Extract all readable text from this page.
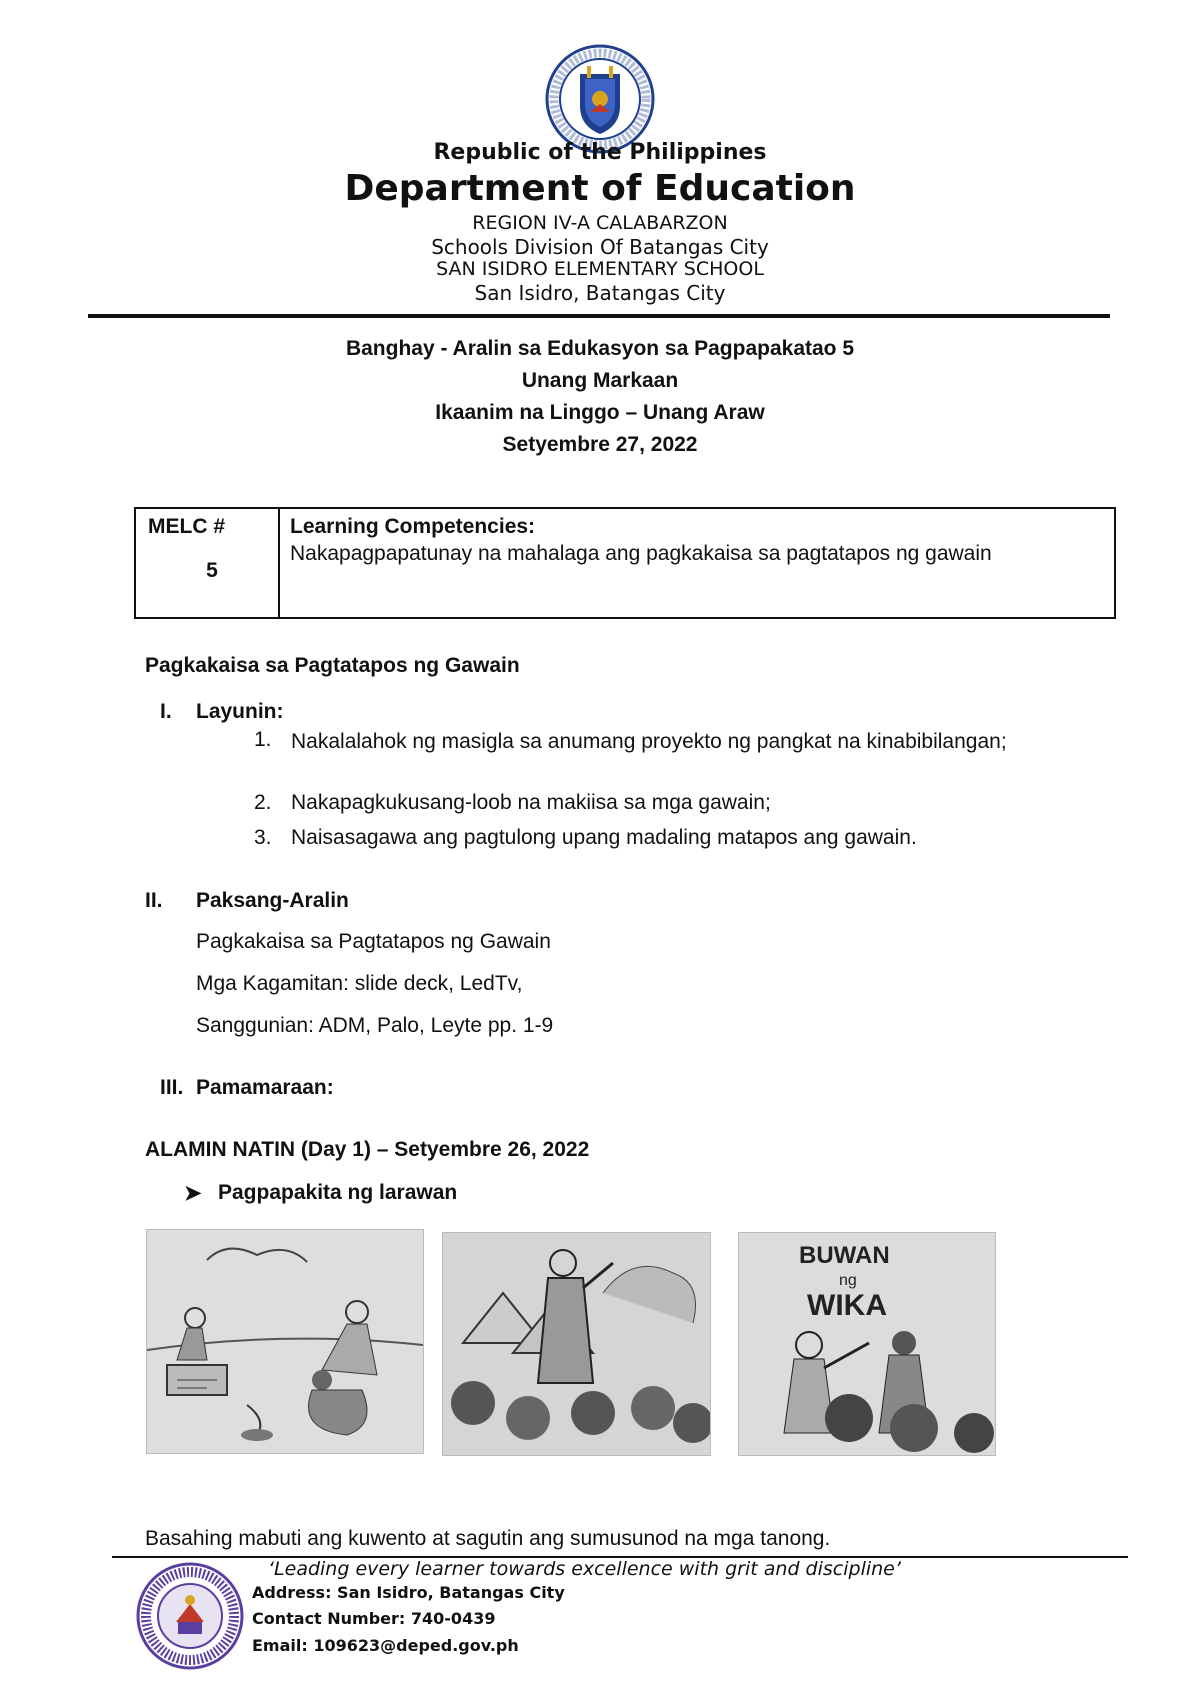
Republic of the Philippines
Department of Education
REGION IV-A CALABARZON
Schools Division Of Batangas City
SAN ISIDRO ELEMENTARY SCHOOL
San Isidro, Batangas City
Banghay - Aralin sa Edukasyon sa Pagpapakatao 5
Unang Markaan
Ikaanim na Linggo – Unang Araw
Setyembre 27, 2022
MELC #
5

Learning Competencies:
Nakapagpapatunay na mahalaga ang pagkakaisa sa pagtatapos ng gawain
Pagkakaisa sa Pagtatapos ng Gawain
I. Layunin:
1. Nakalalahok ng masigla sa anumang proyekto ng pangkat na kinabibilangan;
2. Nakapagkukusang-loob na makiisa sa mga gawain;
3. Naisasagawa ang pagtulong upang madaling matapos ang gawain.
II. Paksang-Aralin
Pagkakaisa sa Pagtatapos ng Gawain
Mga Kagamitan: slide deck, LedTv,
Sanggunian: ADM, Palo, Leyte pp. 1-9
III. Pamamaraan:
ALAMIN NATIN (Day 1) – Setyembre 26, 2022
➤ Pagpapakita ng larawan
BUWAN
ng
WIKA
Basahing mabuti ang kuwento at sagutin ang sumusunod na mga tanong.
‘Leading every learner towards excellence with grit and discipline’
Address: San Isidro, Batangas City
Contact Number: 740-0439
Email: 109623@deped.gov.ph
